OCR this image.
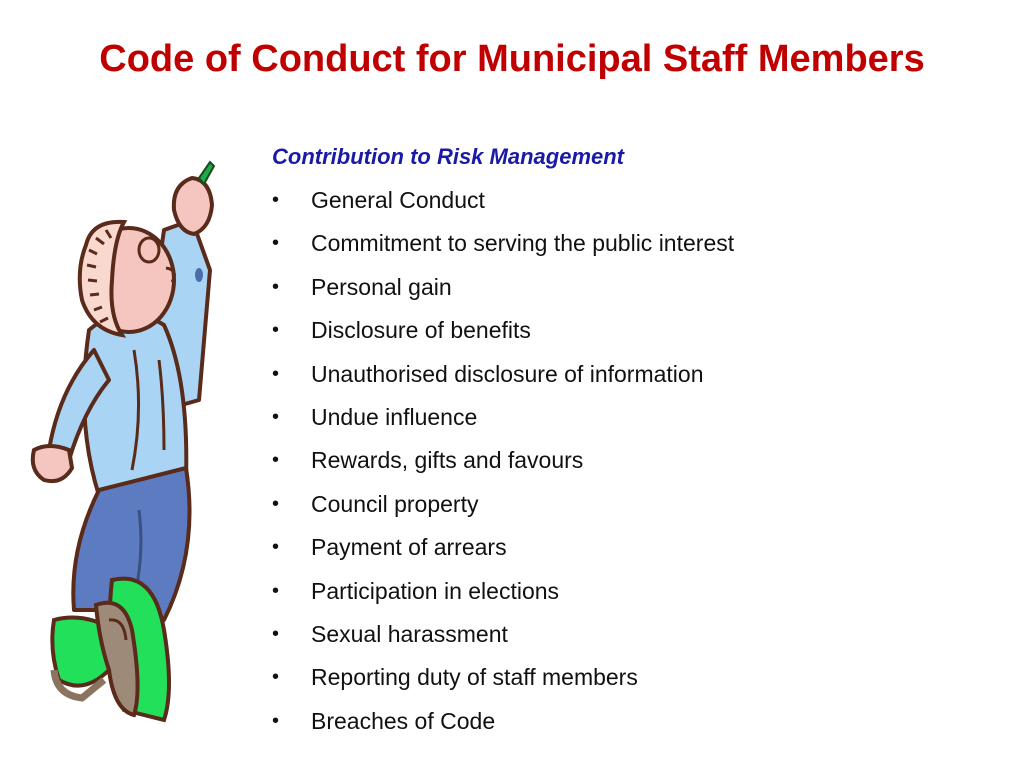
Code of Conduct for Municipal Staff Members
Contribution to Risk Management
•	General Conduct
•	Commitment to serving the public interest
•	Personal gain
•	Disclosure of benefits
•	Unauthorised disclosure of information
•	Undue influence
•	Rewards, gifts and favours
•	Council property
•	Payment of arrears
•	Participation in elections
•	Sexual harassment
•	Reporting duty of staff members
•	Breaches of Code
